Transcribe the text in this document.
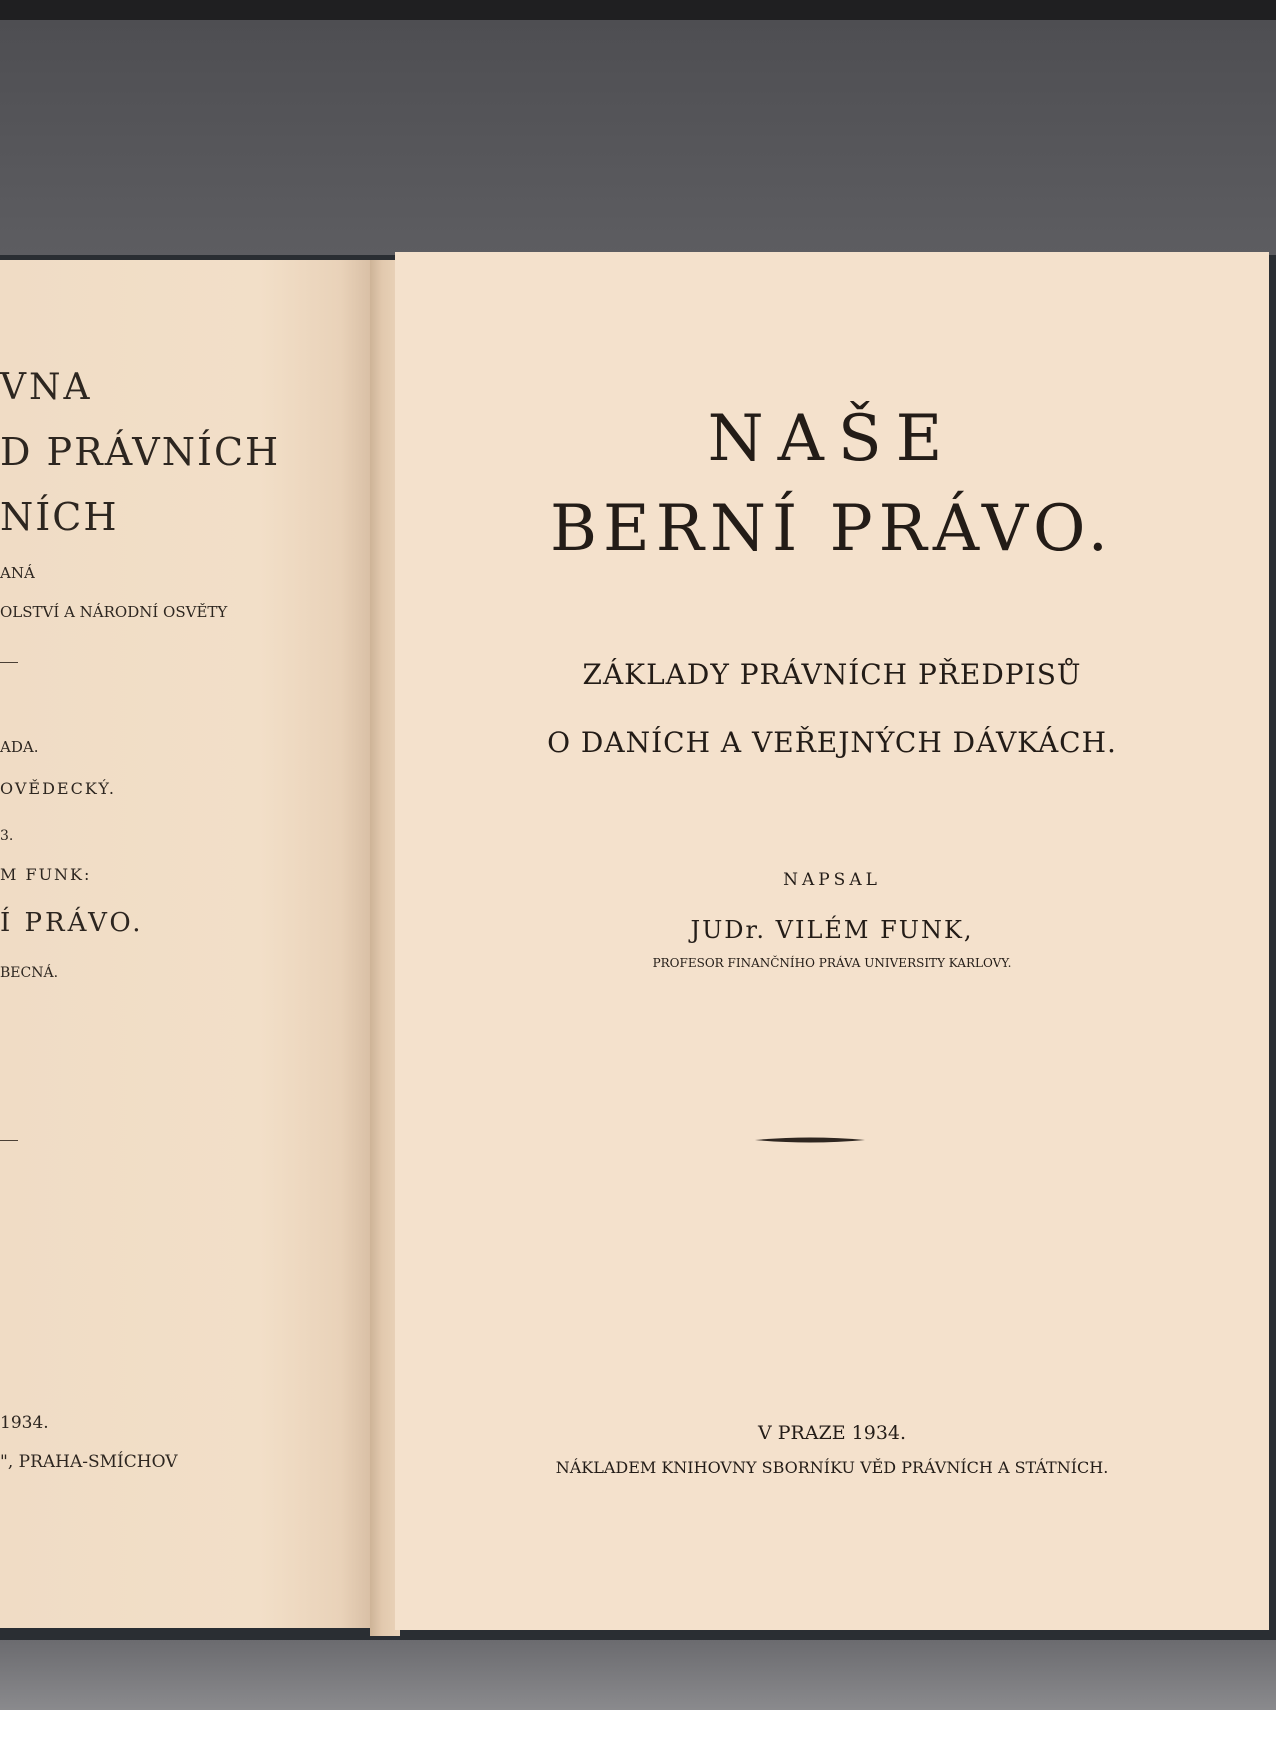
VNA
D PRÁVNÍCH
NÍCH
ANÁ
OLSTVÍ A NÁRODNÍ OSVĚTY
ADA.
OVĚDECKÝ.
3.
M FUNK:
Í PRÁVO.
BECNÁ.
1934.
", PRAHA-SMÍCHOV
NAŠE
BERNÍ PRÁVO.
ZÁKLADY PRÁVNÍCH PŘEDPISŮ
O DANÍCH A VEŘEJNÝCH DÁVKÁCH.
NAPSAL
JUDr. VILÉM FUNK,
PROFESOR FINANČNÍHO PRÁVA UNIVERSITY KARLOVY.
V PRAZE 1934.
NÁKLADEM KNIHOVNY SBORNÍKU VĚD PRÁVNÍCH A STÁTNÍCH.
